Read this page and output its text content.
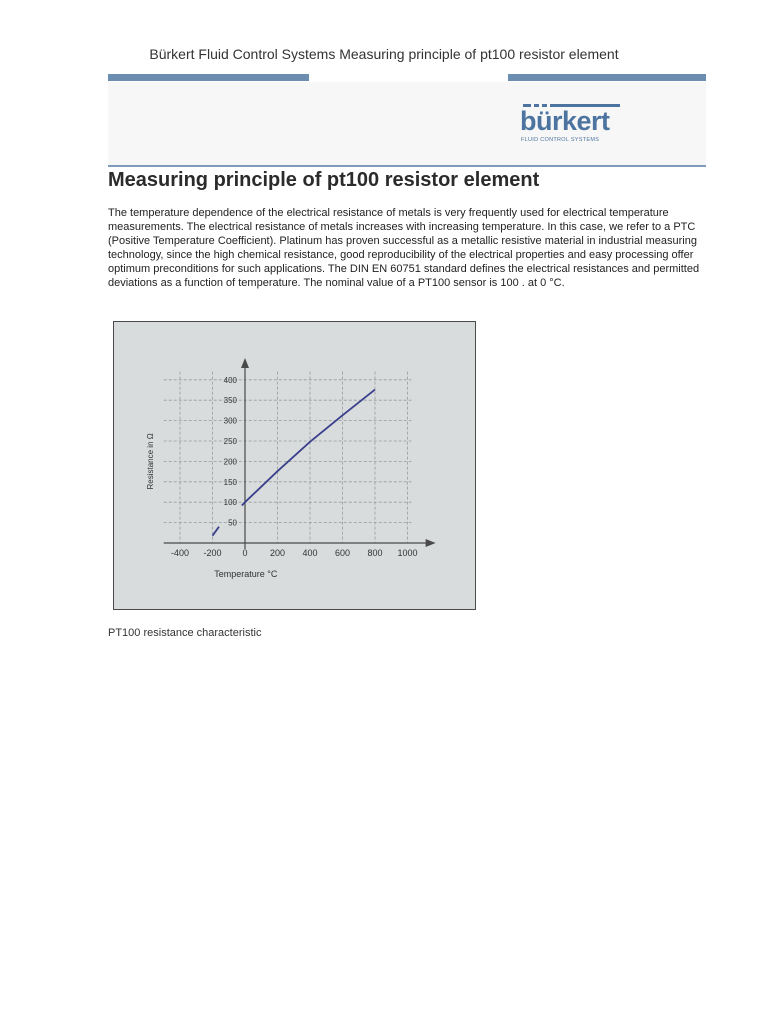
Bürkert Fluid Control Systems Measuring principle of pt100 resistor element
bürkert
FLUID CONTROL SYSTEMS
Measuring principle of pt100 resistor element

The temperature dependence of the electrical resistance of metals is very frequently used for electrical temperature measurements. The electrical resistance of metals increases with increasing temperature. In this case, we refer to a PTC (Positive Temperature Coefficient). Platinum has proven successful as a metallic resistive material in industrial measuring technology, since the high chemical resistance, good reproducibility of the electrical properties and easy processing offer optimum preconditions for such applications. The DIN EN 60751 standard defines the electrical resistances and permitted deviations as a function of temperature. The nominal value of a PT100 sensor is 100 . at 0 °C.

-400 -200 0 200 400 600 800 1000
50
100
150
200
250
300
350
400
Temperature °C
Resistance in Ω
PT100 resistance characteristic
